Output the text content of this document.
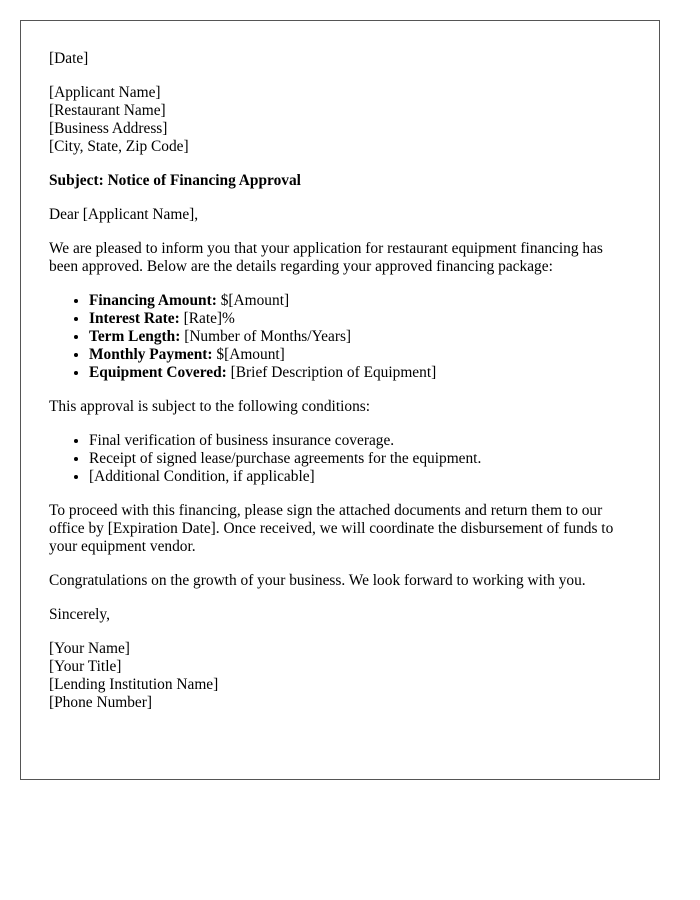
[Date]

[Applicant Name]
[Restaurant Name]
[Business Address]
[City, State, Zip Code]

Subject: Notice of Financing Approval

Dear [Applicant Name],

We are pleased to inform you that your application for restaurant equipment financing has been approved. Below are the details regarding your approved financing package:

• Financing Amount: $[Amount]
• Interest Rate: [Rate]%
• Term Length: [Number of Months/Years]
• Monthly Payment: $[Amount]
• Equipment Covered: [Brief Description of Equipment]

This approval is subject to the following conditions:

• Final verification of business insurance coverage.
• Receipt of signed lease/purchase agreements for the equipment.
• [Additional Condition, if applicable]

To proceed with this financing, please sign the attached documents and return them to our office by [Expiration Date]. Once received, we will coordinate the disbursement of funds to your equipment vendor.

Congratulations on the growth of your business. We look forward to working with you.

Sincerely,

[Your Name]
[Your Title]
[Lending Institution Name]
[Phone Number]
